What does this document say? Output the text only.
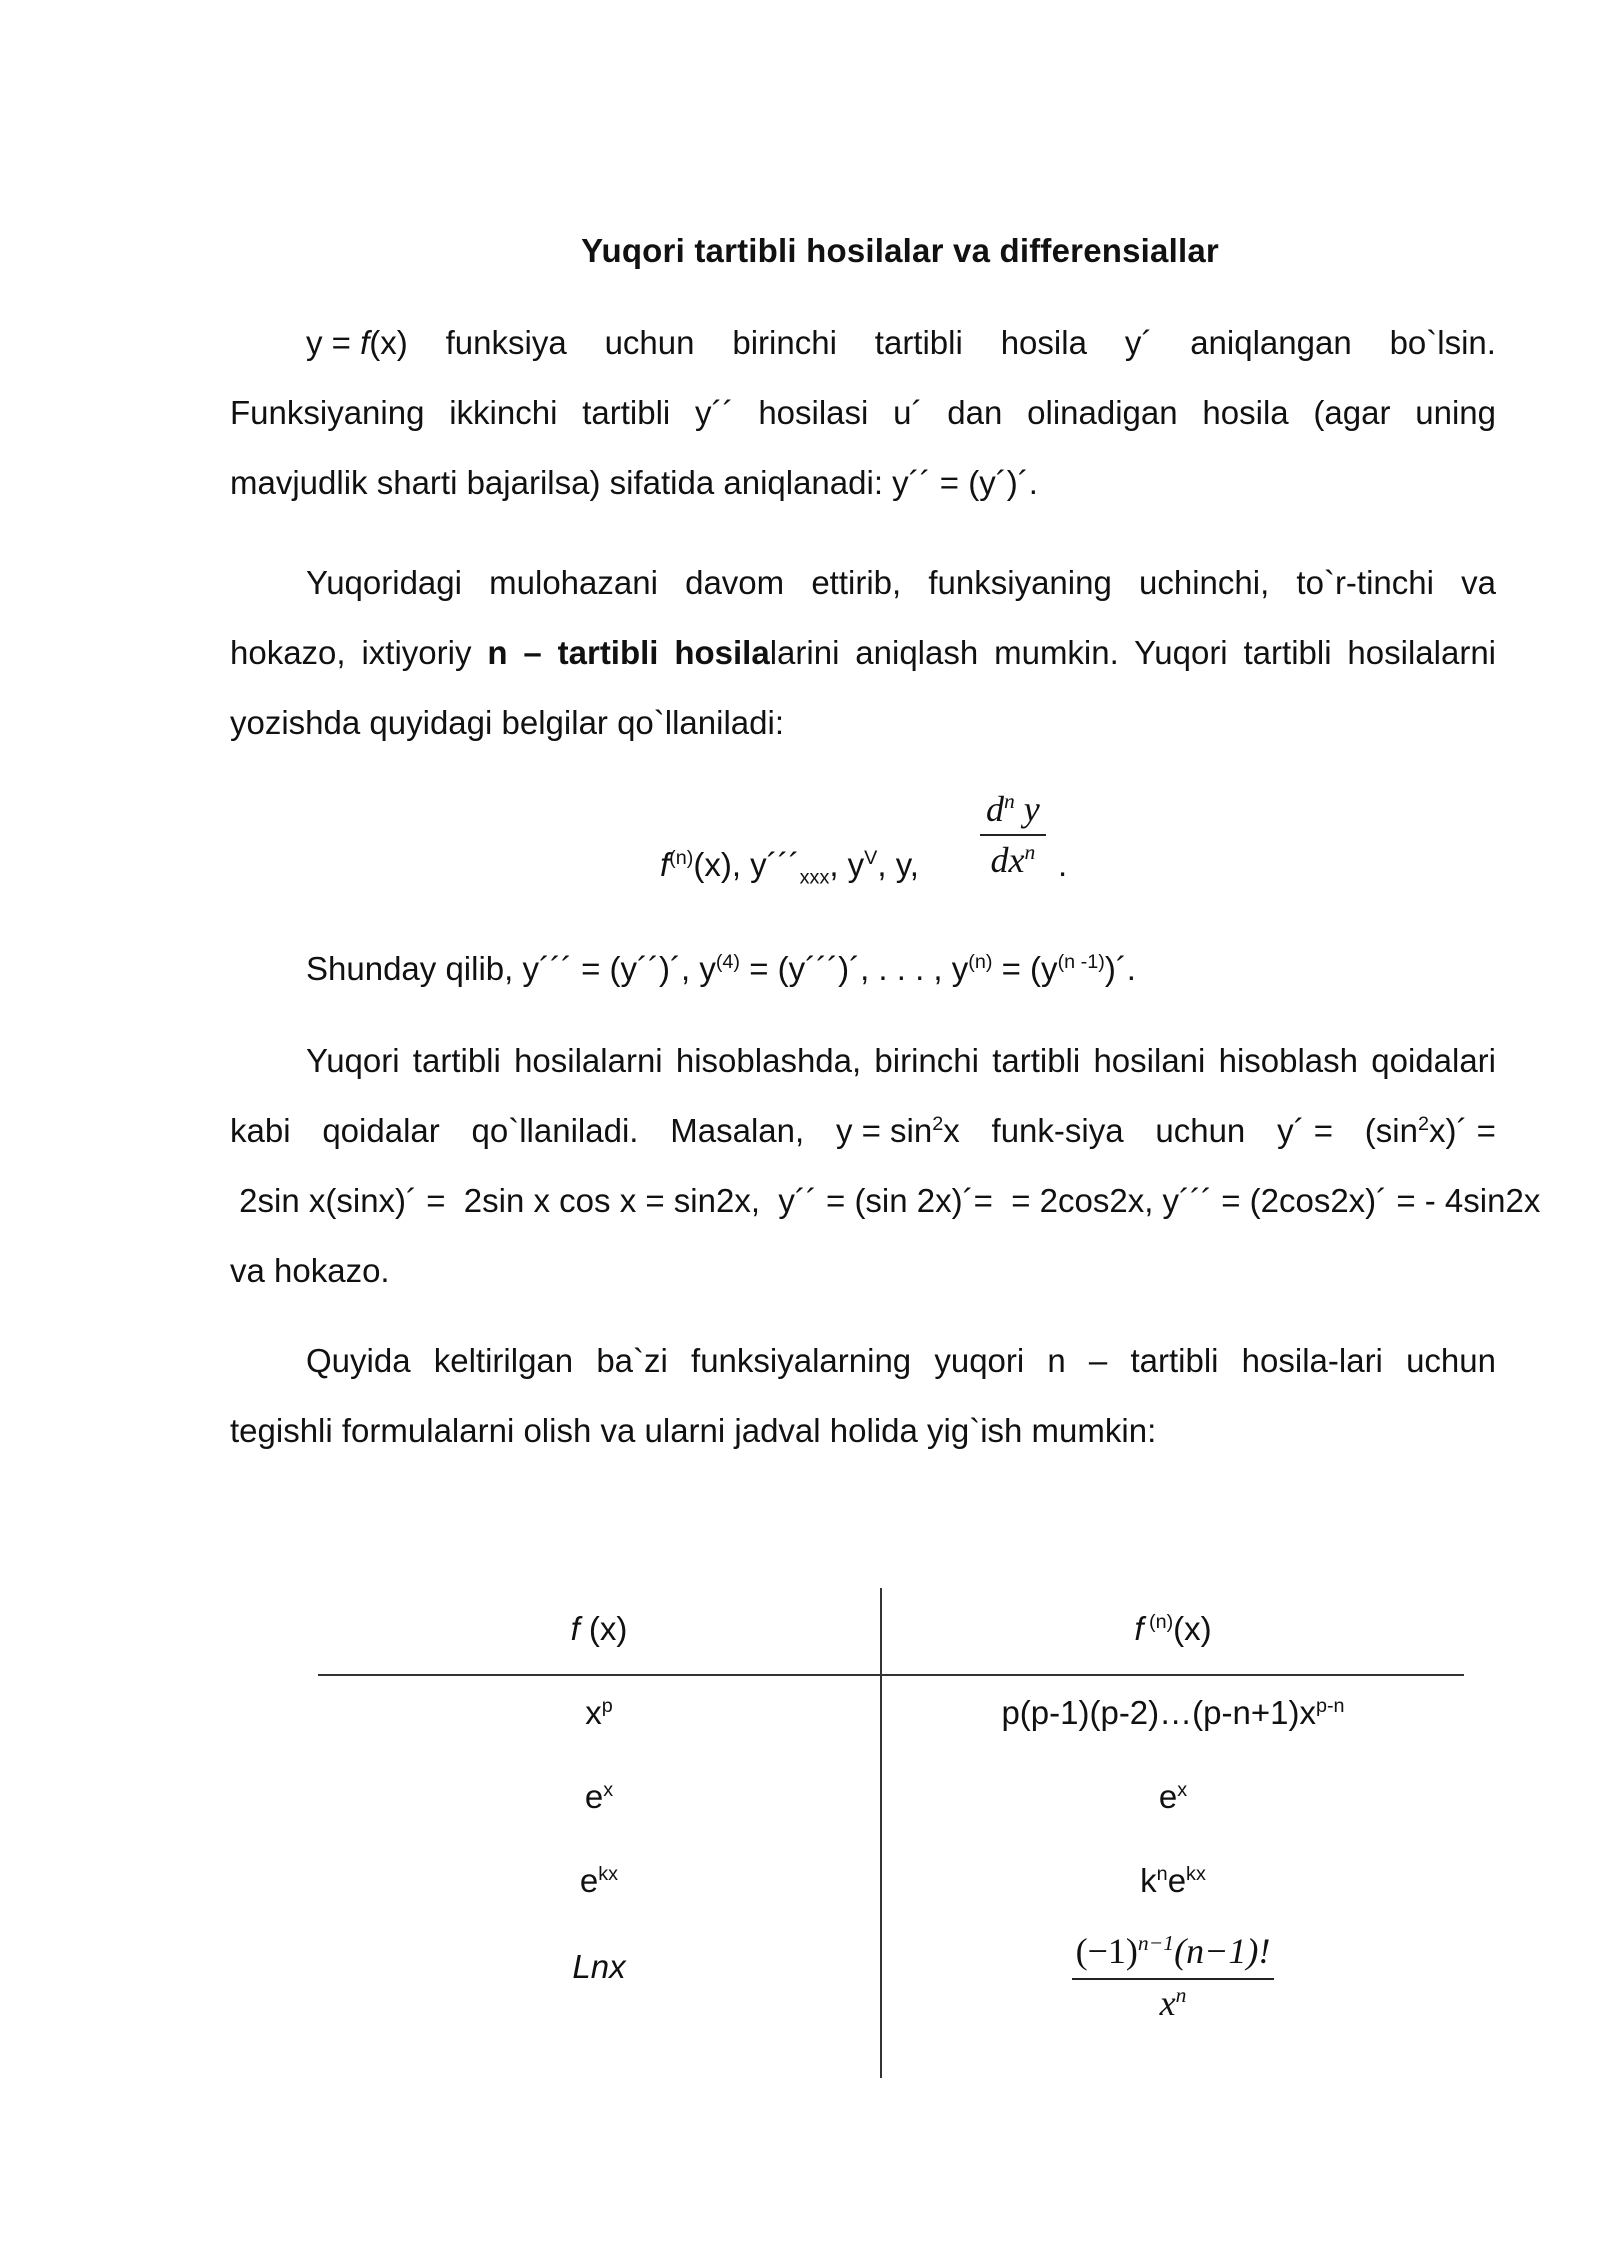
Yuqori tartibli hosilalar va differensiallar
y = f(x) funksiya uchun birinchi tartibli hosila y´ aniqlangan bo`lsin.
Funksiyaning ikkinchi tartibli y´´ hosilasi u´ dan olinadigan hosila (agar uning
mavjudlik sharti bajarilsa) sifatida aniqlanadi: y´´ = (y´)´.
Yuqoridagi mulohazani davom ettirib, funksiyaning uchinchi, to`r-tinchi va
hokazo, ixtiyoriy n – tartibli hosilalarini aniqlash mumkin. Yuqori tartibli hosilalarni
yozishda quyidagi belgilar qo`llaniladi:
$f^{(n)}(x)$, $y´´´_{xxx}$, $y^V$, y,
$d^n$ y
$dx^n$ .
Shunday qilib, y´´´ = (y´´)´, $y^{(4)}$ = (y´´´)´, . . . , $y^{(n)}$ = $(y^{(n -1)})´$.
Yuqori tartibli hosilalarni hisoblashda, birinchi tartibli hosilani hisoblash qoidalari
kabi qoidalar qo`llaniladi. Masalan, $y = \sin^2x$ funk-siya uchun y´ = $(\sin^2x)´$ =
2sin x(sinx)´ =  2sin x cos x = sin2x,  y´´ = (sin 2x)´=  = 2cos2x, y´´´ = (2cos2x)´ = - 4sin2x
va hokazo.
Quyida keltirilgan ba`zi funksiyalarning yuqori n – tartibli hosila-lari uchun
tegishli formulalarni olish va ularni jadval holida yig`ish mumkin:
f (x)	f $^{(n)}$(x)
$x^p$	$p(p-1)(p-2)\dots(p-n+1)x^{p-n}$
$e^x$	$e^x$
$e^{kx}$	$k^ne^{kx}$
Lnx	$\frac{(-1)^{n-1}(n-1)!}{x^n}$
